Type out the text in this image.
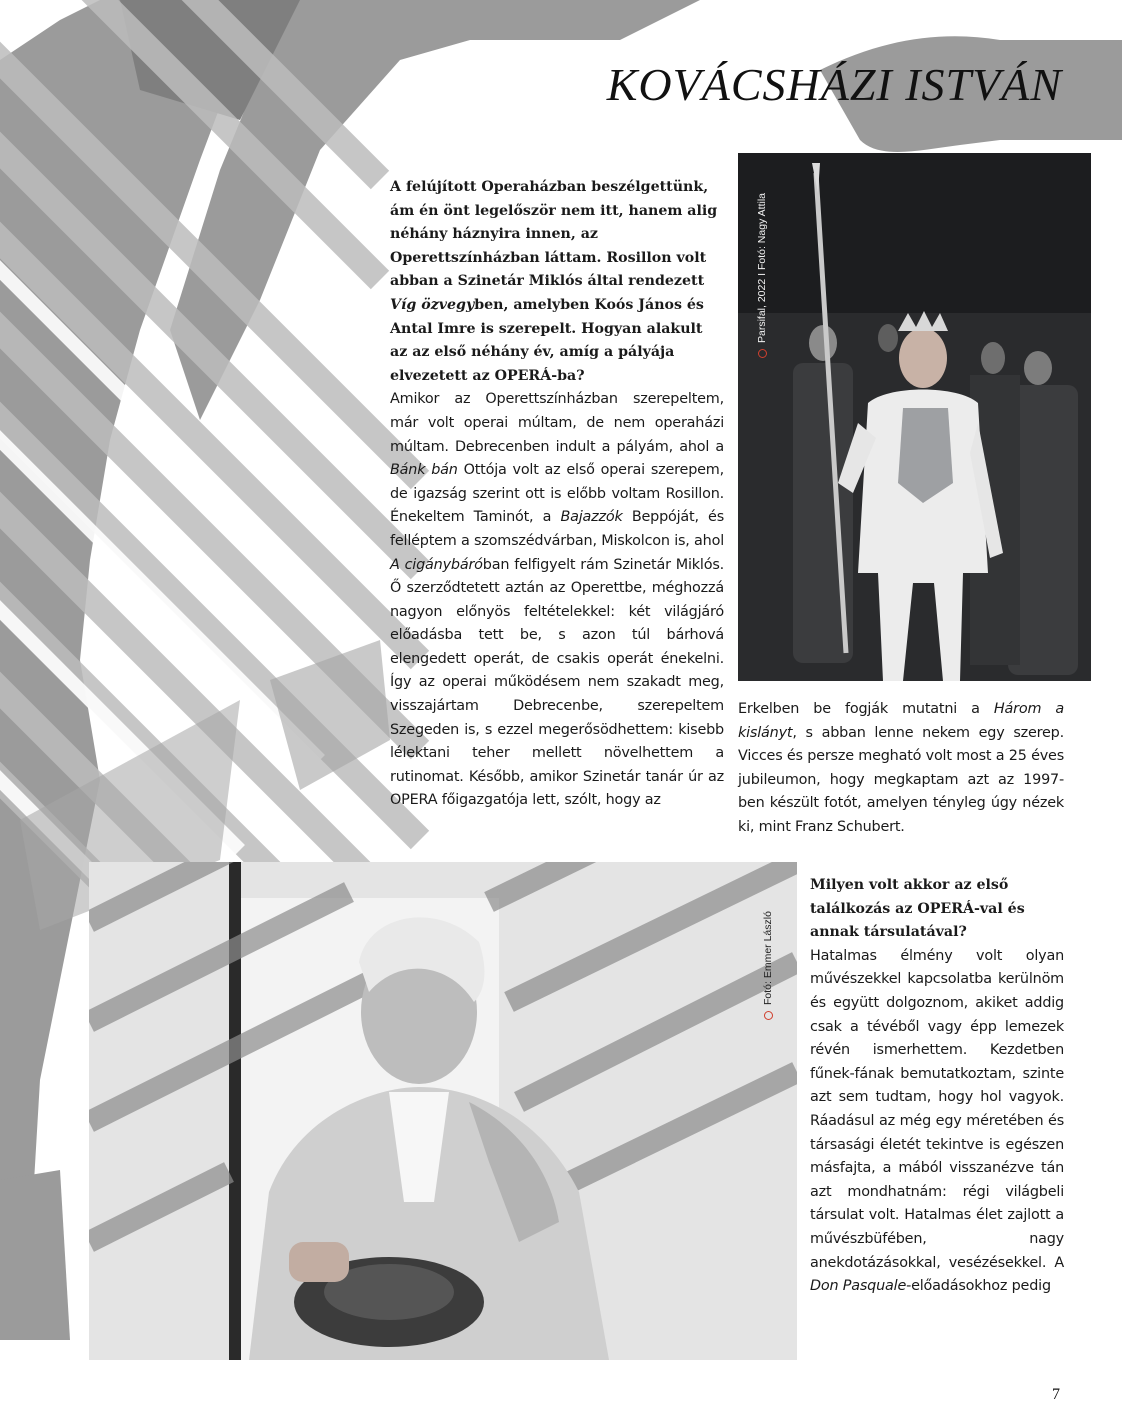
KOVÁCSHÁZI ISTVÁN
Parsifal, 2022 I Fotó: Nagy Attila
A felújított Operaházban beszélgettünk, ám én önt legelőször nem itt, hanem alig néhány háznyira innen, az Operettszínházban láttam. Rosillon volt abban a Szinetár Miklós által rendezett Víg özvegyben, amelyben Koós János és Antal Imre is szerepelt. Hogyan alakult az az első néhány év, amíg a pályája elvezetett az OPERÁ-ba?
Amikor az Operettszínházban szerepeltem, már volt operai múltam, de nem operaházi múltam. Debrecenben indult a pályám, ahol a Bánk bán Ottója volt az első operai szerepem, de igazság szerint ott is előbb voltam Rosillon. Énekeltem Taminót, a Bajazzók Beppóját, és felléptem a szomszédvárban, Miskolcon is, ahol A cigánybáróban felfigyelt rám Szinetár Miklós. Ő szerződtetett aztán az Operettbe, méghozzá nagyon előnyös feltételekkel: két világjáró előadásba tett be, s azon túl bárhová elengedett operát, de csakis operát énekelni. Így az operai működésem nem szakadt meg, visszajártam Debrecenbe, szerepeltem Szegeden is, s ezzel megerősödhettem: kisebb lélektani teher mellett növelhettem a rutinomat. Később, amikor Szinetár tanár úr az OPERA főigazgatója lett, szólt, hogy az
Erkelben be fogják mutatni a Három a kislányt, s abban lenne nekem egy szerep. Vicces és persze megható volt most a 25 éves jubileumon, hogy megkaptam azt az 1997-ben készült fotót, amelyen tényleg úgy nézek ki, mint Franz Schubert.
Fotó: Emmer László
Milyen volt akkor az első találkozás az OPERÁ-val és annak társulatával?
Hatalmas élmény volt olyan művészekkel kapcsolatba kerülnöm és együtt dolgoznom, akiket addig csak a tévéből vagy épp lemezek révén ismerhettem. Kezdetben fűnek-fának bemutatkoztam, szinte azt sem tudtam, hogy hol vagyok. Ráadásul az még egy méretében és társasági életét tekintve is egészen másfajta, a mából visszanézve tán azt mondhatnám: régi világbeli társulat volt. Hatalmas élet zajlott a művészbüfében, nagy anekdotázásokkal, vesézésekkel. A Don Pasquale-előadásokhoz pedig
7
